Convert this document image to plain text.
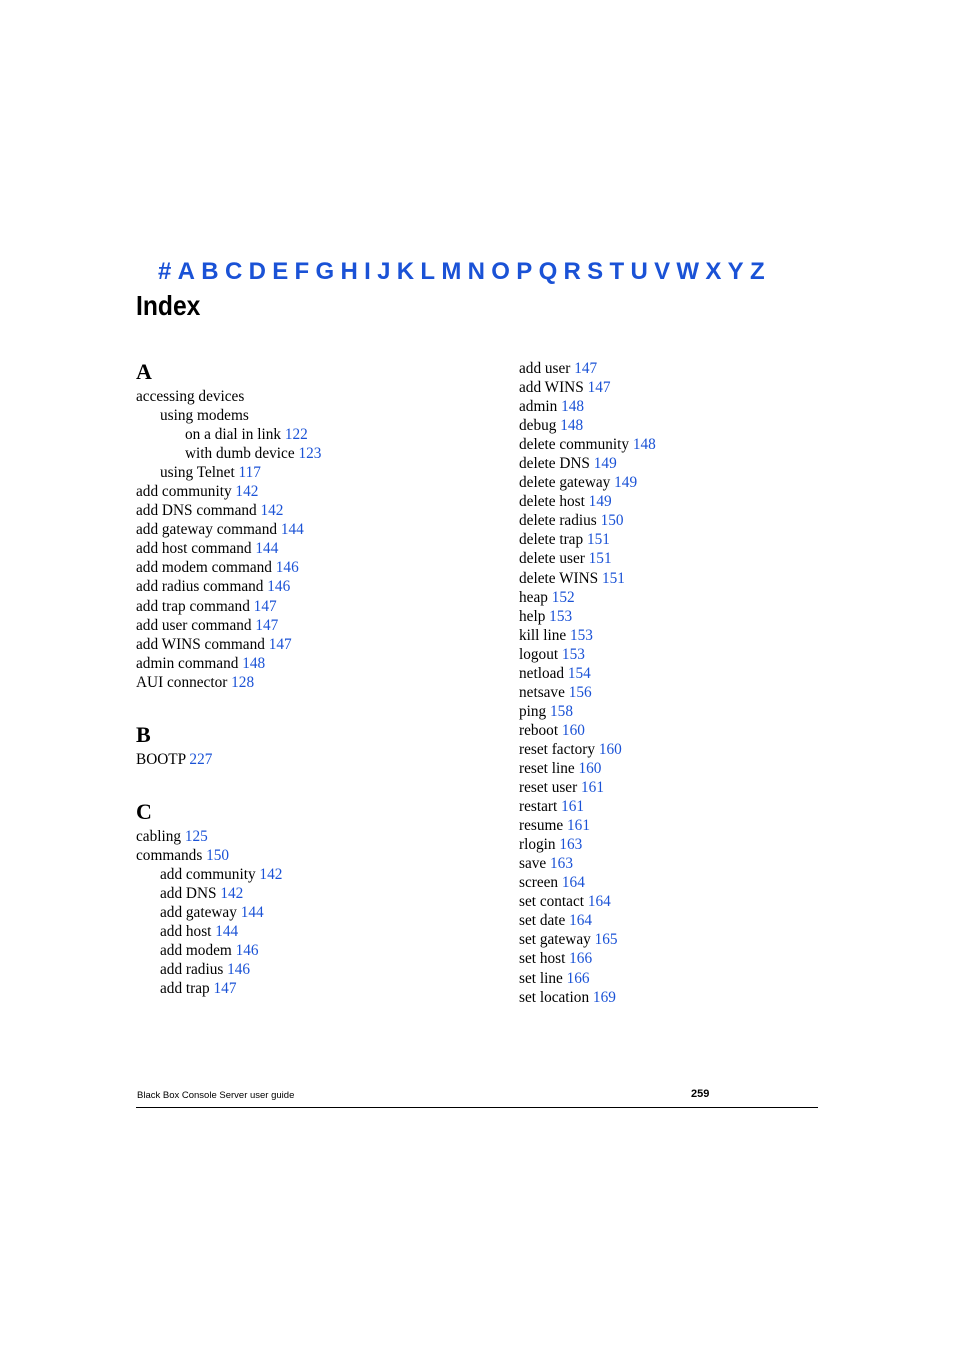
# A B C D E F G H I J K L M N O P Q R S T U V W X Y Z
Index
A
accessing devices
using modems
on a dial in link 122
with dumb device 123
using Telnet 117
add community 142
add DNS command 142
add gateway command 144
add host command 144
add modem command 146
add radius command 146
add trap command 147
add user command 147
add WINS command 147
admin command 148
AUI connector 128
B
BOOTP 227
C
cabling 125
commands 150
add community 142
add DNS 142
add gateway 144
add host 144
add modem 146
add radius 146
add trap 147
add user 147
add WINS 147
admin 148
debug 148
delete community 148
delete DNS 149
delete gateway 149
delete host 149
delete radius 150
delete trap 151
delete user 151
delete WINS 151
heap 152
help 153
kill line 153
logout 153
netload 154
netsave 156
ping 158
reboot 160
reset factory 160
reset line 160
reset user 161
restart 161
resume 161
rlogin 163
save 163
screen 164
set contact 164
set date 164
set gateway 165
set host 166
set line 166
set location 169
Black Box Console Server user guide	259
